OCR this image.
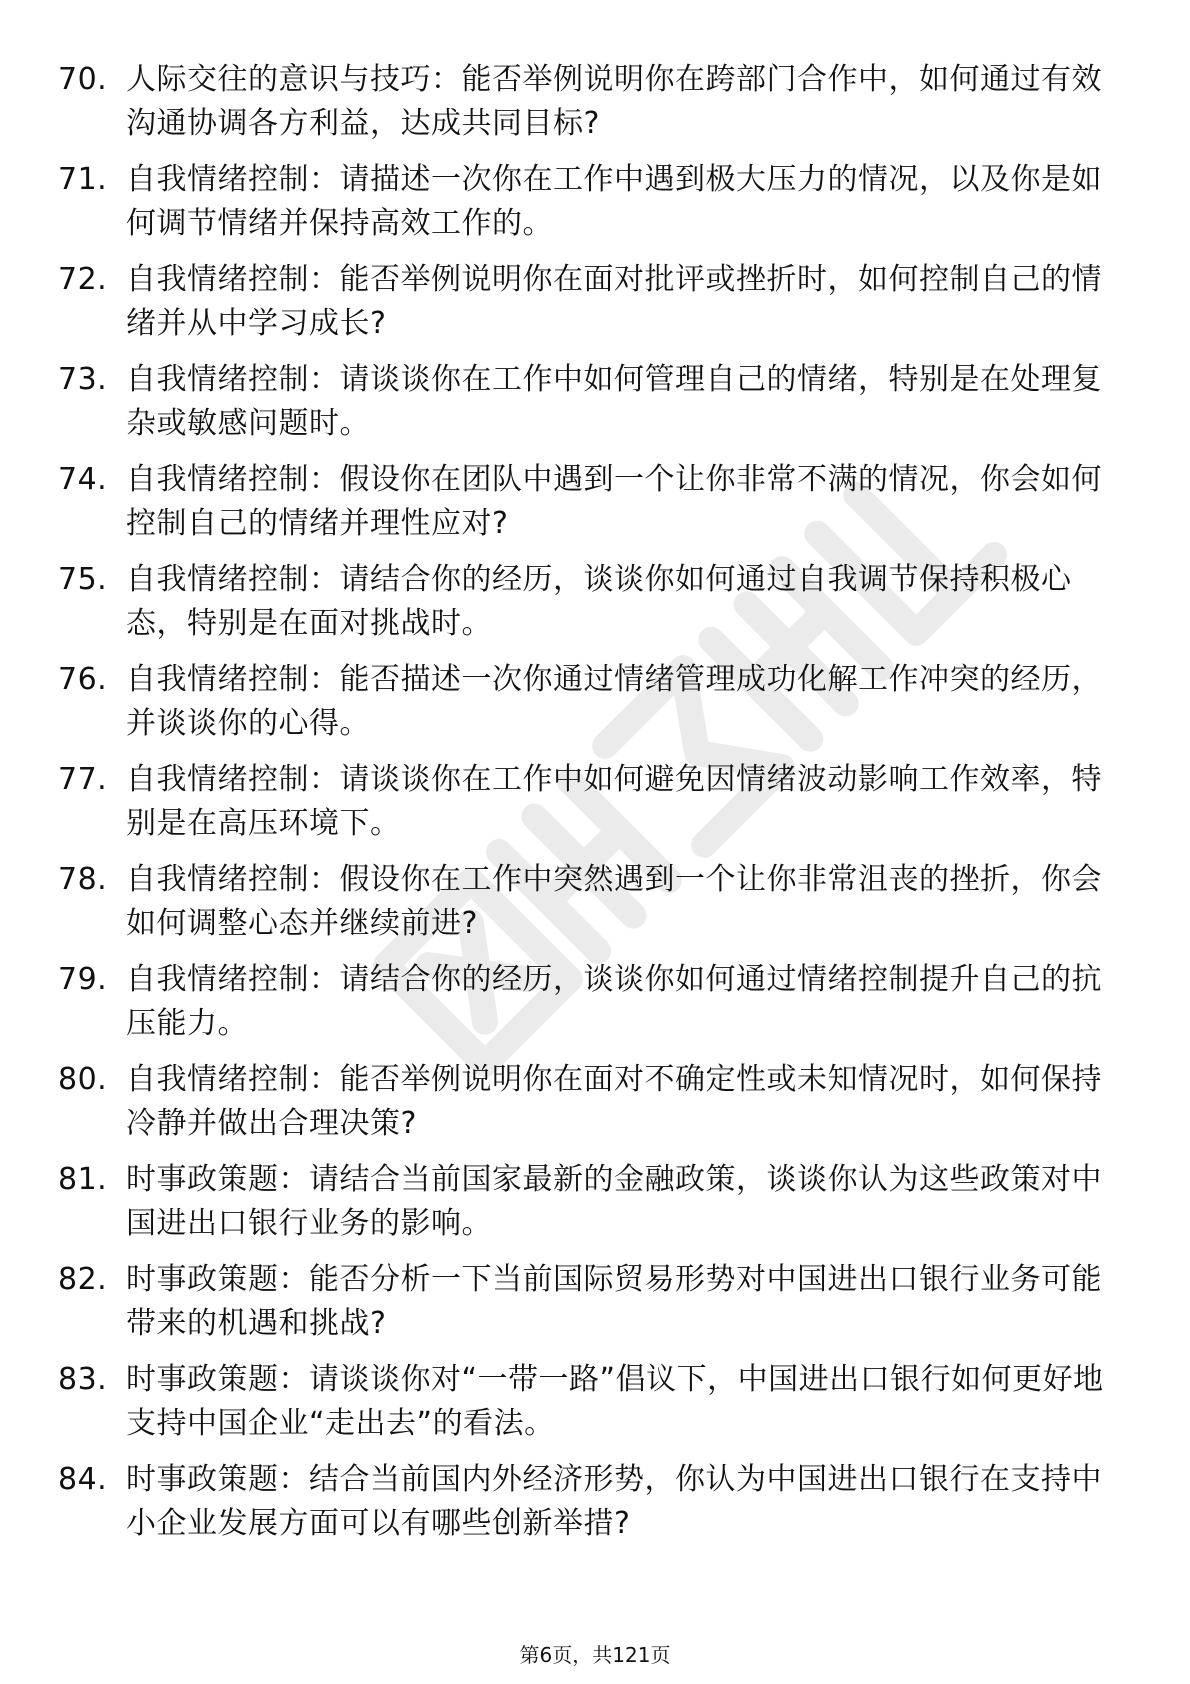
70. 人际交往的意识与技巧：能否举例说明你在跨部门合作中，如何通过有效沟通协调各方利益，达成共同目标?
71. 自我情绪控制：请描述一次你在工作中遇到极大压力的情况，以及你是如何调节情绪并保持高效工作的。
72. 自我情绪控制：能否举例说明你在面对批评或挫折时，如何控制自己的情绪并从中学习成长?
73. 自我情绪控制：请谈谈你在工作中如何管理自己的情绪，特别是在处理复杂或敏感问题时。
74. 自我情绪控制：假设你在团队中遇到一个让你非常不满的情况，你会如何控制自己的情绪并理性应对?
75. 自我情绪控制：请结合你的经历，谈谈你如何通过自我调节保持积极心态，特别是在面对挑战时。
76. 自我情绪控制：能否描述一次你通过情绪管理成功化解工作冲突的经历，并谈谈你的心得。
77. 自我情绪控制：请谈谈你在工作中如何避免因情绪波动影响工作效率，特别是在高压环境下。
78. 自我情绪控制：假设你在工作中突然遇到一个让你非常沮丧的挫折，你会如何调整心态并继续前进?
79. 自我情绪控制：请结合你的经历，谈谈你如何通过情绪控制提升自己的抗压能力。
80. 自我情绪控制：能否举例说明你在面对不确定性或未知情况时，如何保持冷静并做出合理决策?
81. 时事政策题：请结合当前国家最新的金融政策，谈谈你认为这些政策对中国进出口银行业务的影响。
82. 时事政策题：能否分析一下当前国际贸易形势对中国进出口银行业务可能带来的机遇和挑战?
83. 时事政策题：请谈谈你对“一带一路”倡议下，中国进出口银行如何更好地支持中国企业“走出去”的看法。
84. 时事政策题：结合当前国内外经济形势，你认为中国进出口银行在支持中小企业发展方面可以有哪些创新举措?
第6页，共121页
